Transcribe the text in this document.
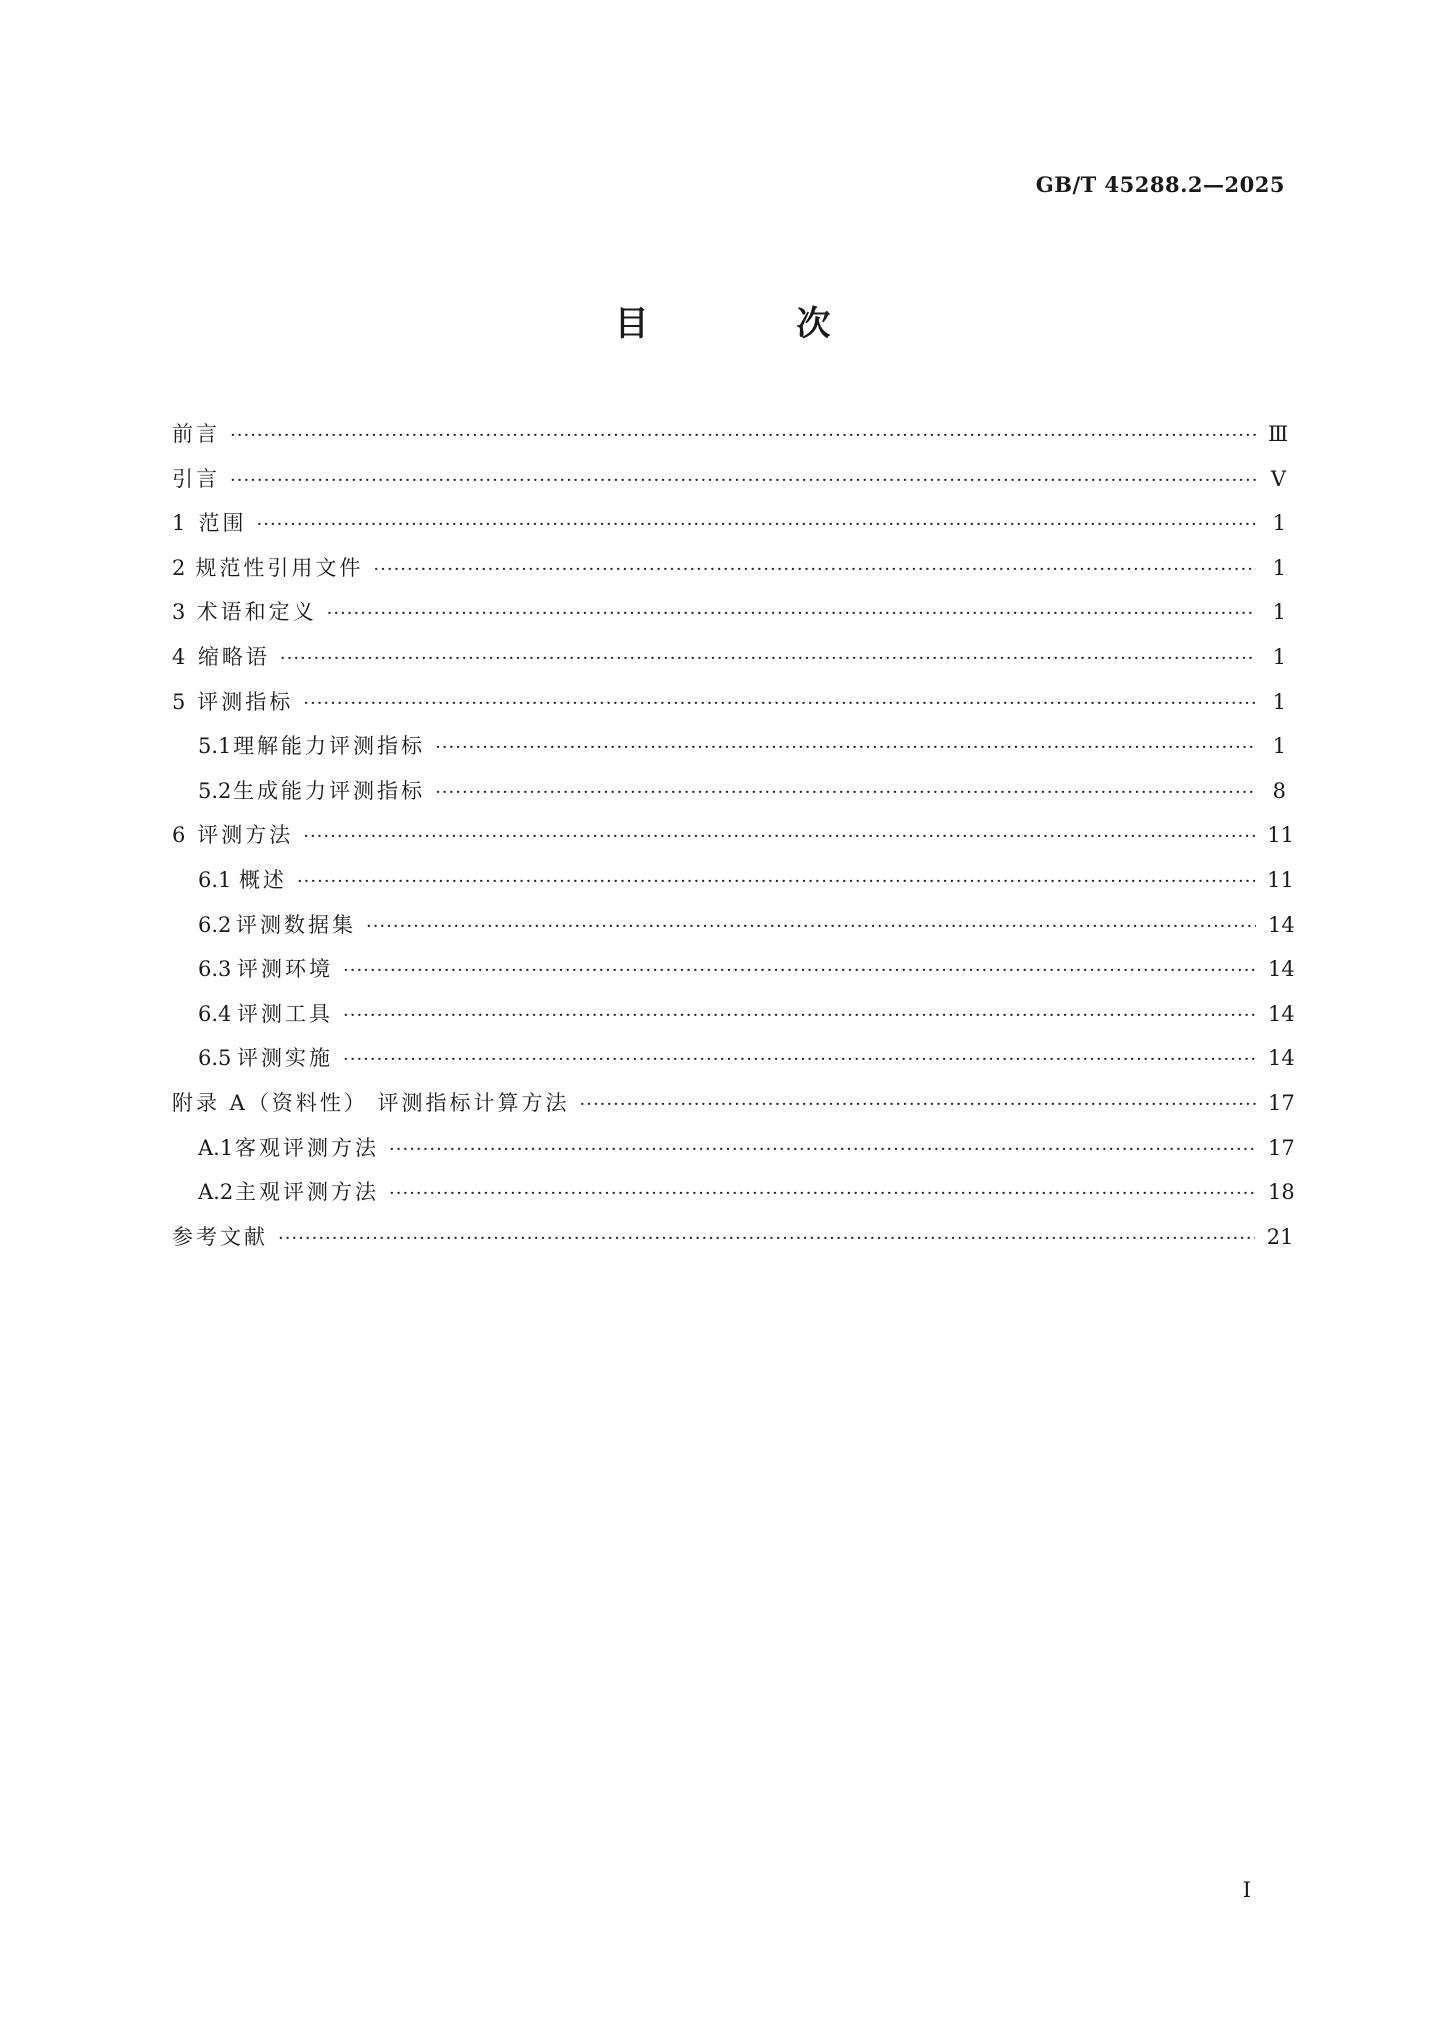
GB/T 45288.2—2025
目 次
前言 ·····	Ⅲ
引言 ·····	Ⅴ
1 范围 ·····	1
2 规范性引用文件 ·····	1
3 术语和定义 ·····	1
4 缩略语 ·····	1
5 评测指标 ·····	1
5.1 理解能力评测指标 ·····	1
5.2 生成能力评测指标 ·····	8
6 评测方法 ·····	11
6.1 概述 ·····	11
6.2 评测数据集 ·····	14
6.3 评测环境 ·····	14
6.4 评测工具 ·····	14
6.5 评测实施 ·····	14
附录 A（资料性） 评测指标计算方法 ·····	17
A.1 客观评测方法 ·····	17
A.2 主观评测方法 ·····	18
参考文献 ·····	21
I
